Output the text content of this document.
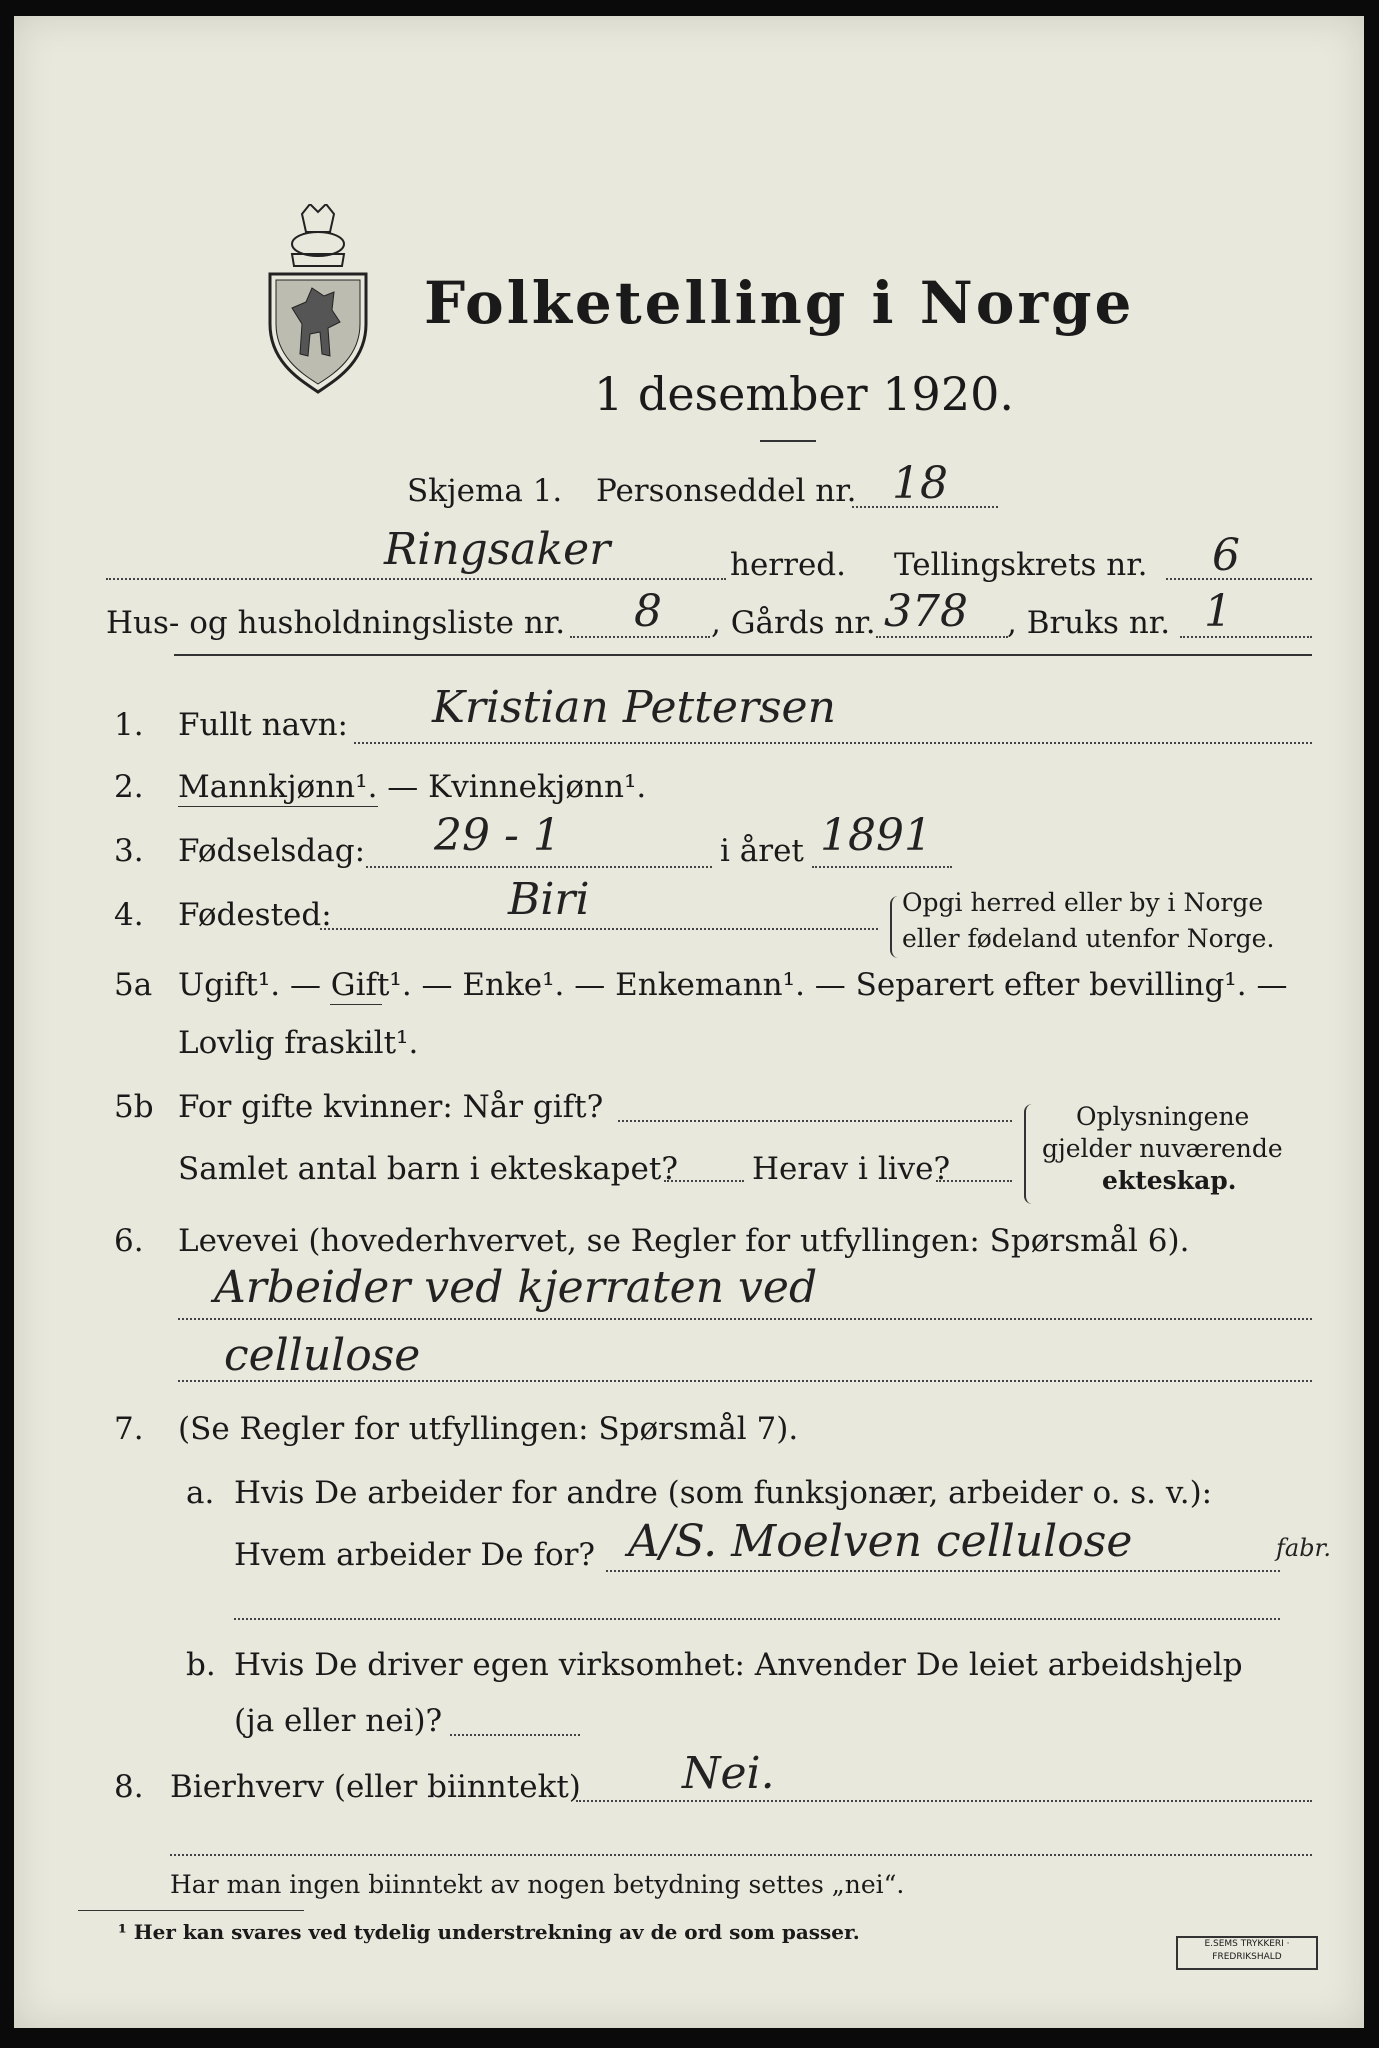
Folketelling i Norge
1 desember 1920.
Skjema 1. Personseddel nr. 18
Ringsaker	herred. Tellingskrets nr. 6
Hus- og husholdningsliste nr. 8 , Gårds nr. 378 , Bruks nr. 1
1. Fullt navn: Kristian Pettersen
2. Mannkjønn¹. — Kvinnekjønn¹.
3. Fødselsdag: 29 - 1	i året 1891
4. Fødested:	Biri	Opgi herred eller by i Norge
eller fødeland utenfor Norge.
5a Ugift¹. — Gift¹. — Enke¹. — Enkemann¹. — Separert efter bevilling¹. —
Lovlig fraskilt¹.
5b For gifte kvinner: Når gift?
Samlet antal barn i ekteskapet? Herav i live?
Oplysningene
gjelder nuværende
ekteskap.
6. Levevei (hovederhvervet, se Regler for utfyllingen: Spørsmål 6).
Arbeider ved kjerraten ved
cellulose
7. (Se Regler for utfyllingen: Spørsmål 7).
a. Hvis De arbeider for andre (som funksjonær, arbeider o. s. v.):
Hvem arbeider De for? A/S. Moelven cellulose	fabr.
b. Hvis De driver egen virksomhet: Anvender De leiet arbeidshjelp
(ja eller nei)?
8. Bierhverv (eller biinntekt) Nei.
Har man ingen biinntekt av nogen betydning settes „nei“.
¹ Her kan svares ved tydelig understrekning av de ord som passer.	E.SEMS TRYKKERI · FREDRIKSHALD
